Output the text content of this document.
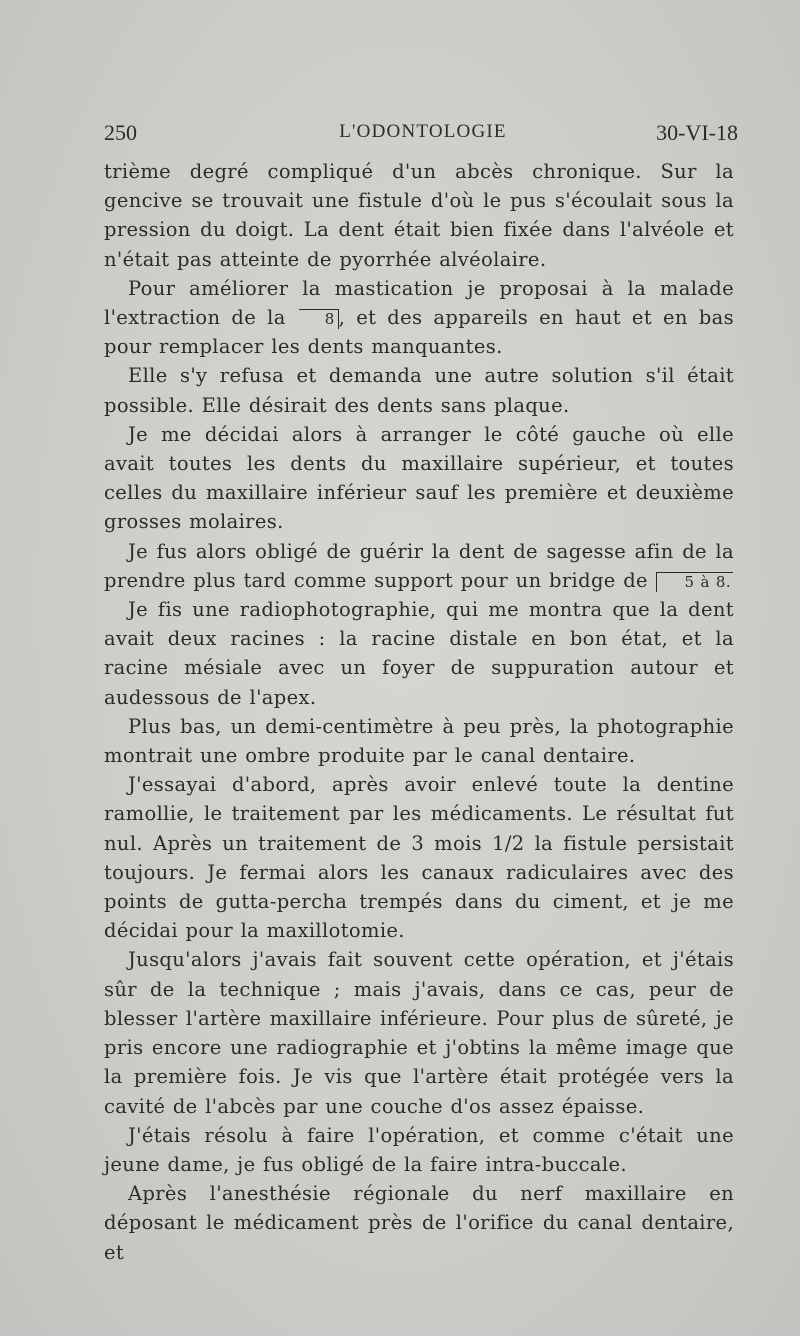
250	L'ODONTOLOGIE	30-VI-18

trième degré compliqué d'un abcès chronique. Sur la gencive se trouvait une fistule d'où le pus s'écoulait sous la pression du doigt. La dent était bien fixée dans l'alvéole et n'était pas atteinte de pyorrhée alvéolaire.

Pour améliorer la mastication je proposai à la malade l'extraction de la 8 , et des appareils en haut et en bas pour remplacer les dents manquantes.

Elle s'y refusa et demanda une autre solution s'il était possible. Elle désirait des dents sans plaque.

Je me décidai alors à arranger le côté gauche où elle avait toutes les dents du maxillaire supérieur, et toutes celles du maxillaire inférieur sauf les première et deuxième grosses molaires.

Je fus alors obligé de guérir la dent de sagesse afin de la prendre plus tard comme support pour un bridge de 5 à 8.

Je fis une radiophotographie, qui me montra que la dent avait deux racines : la racine distale en bon état, et la racine mésiale avec un foyer de suppuration autour et audessous de l'apex.

Plus bas, un demi-centimètre à peu près, la photographie montrait une ombre produite par le canal dentaire.

J'essayai d'abord, après avoir enlevé toute la dentine ramollie, le traitement par les médicaments. Le résultat fut nul. Après un traitement de 3 mois 1/2 la fistule persistait toujours. Je fermai alors les canaux radiculaires avec des points de gutta-percha trempés dans du ciment, et je me décidai pour la maxillotomie.

Jusqu'alors j'avais fait souvent cette opération, et j'étais sûr de la technique ; mais j'avais, dans ce cas, peur de blesser l'artère maxillaire inférieure. Pour plus de sûreté, je pris encore une radiographie et j'obtins la même image que la première fois. Je vis que l'artère était protégée vers la cavité de l'abcès par une couche d'os assez épaisse.

J'étais résolu à faire l'opération, et comme c'était une jeune dame, je fus obligé de la faire intra-buccale.

Après l'anesthésie régionale du nerf maxillaire en déposant le médicament près de l'orifice du canal dentaire, et
